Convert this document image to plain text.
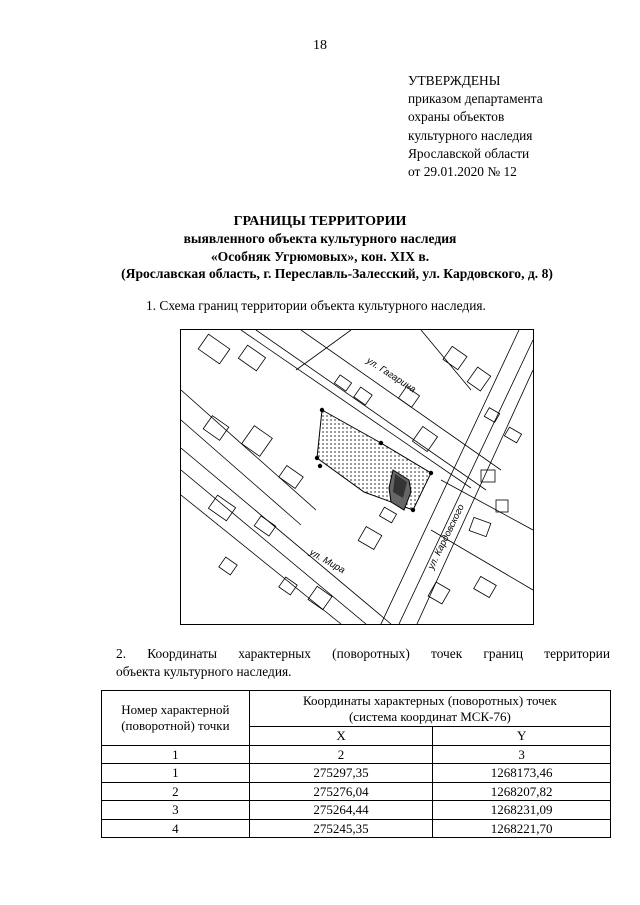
18
УТВЕРЖДЕНЫ
приказом департамента
охраны объектов
культурного наследия
Ярославской области
от 29.01.2020 № 12
ГРАНИЦЫ ТЕРРИТОРИИ
выявленного объекта культурного наследия
«Особняк Угрюмовых», кон. XIX в.
(Ярославская область, г. Переславль-Залесский, ул. Кардовского, д. 8)
1. Схема границ территории объекта культурного наследия.
ул. Гагарина
ул. Кардовского
ул. Мира
2. Координаты характерных (поворотных) точек границ территории
объекта культурного наследия.
Номер характерной (поворотной) точки	Координаты характерных (поворотных) точек
(система координат МСК-76)	

	X	Y
1	2	3
1	275297,35	1268173,46
2	275276,04	1268207,82
3	275264,44	1268231,09
4	275245,35	1268221,70
